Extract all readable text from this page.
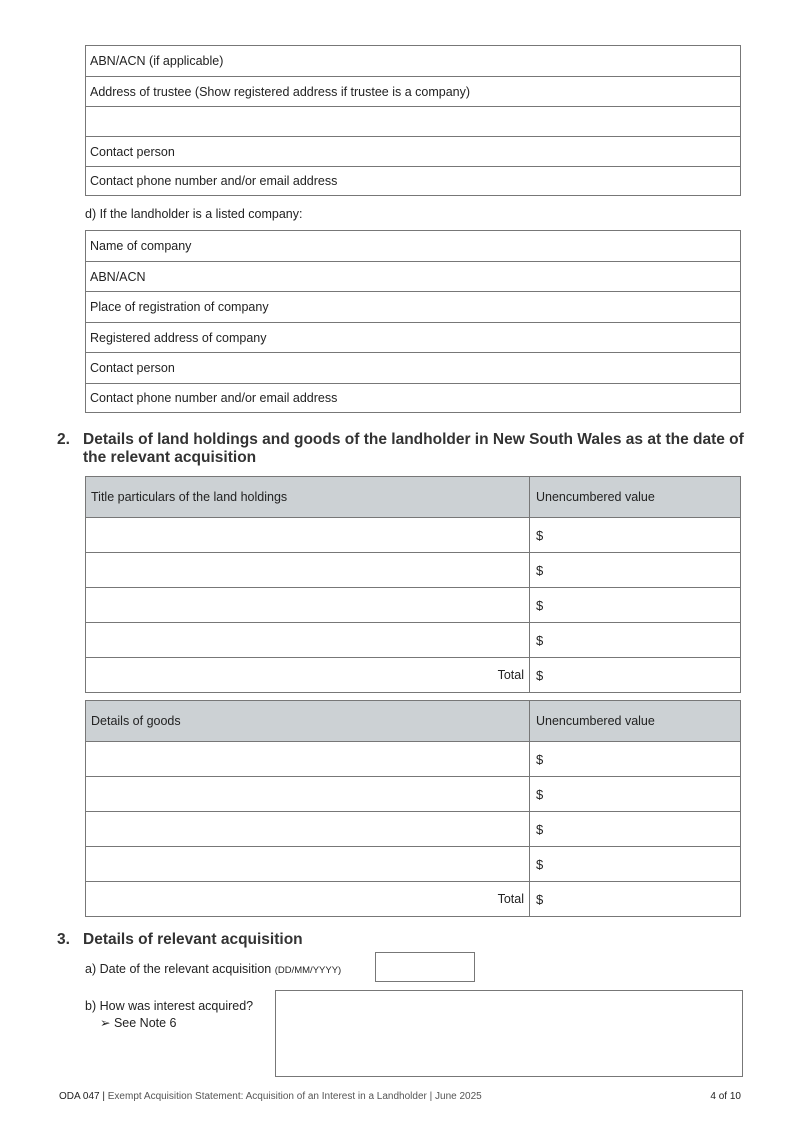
ABN/ACN (if applicable)
Address of trustee (Show registered address if trustee is a company)
Contact person
Contact phone number and/or email address
d) If the landholder is a listed company:
Name of company
ABN/ACN
Place of registration of company
Registered address of company
Contact person
Contact phone number and/or email address
2. Details of land holdings and goods of the landholder in New South Wales as at the date of the relevant acquisition
Title particulars of the land holdings	Unencumbered value
$
$
$
$
Total $
Details of goods	Unencumbered value
$
$
$
$
Total $
3. Details of relevant acquisition
a) Date of the relevant acquisition (DD/MM/YYYY)
b) How was interest acquired?
➢ See Note 6
ODA 047 | Exempt Acquisition Statement: Acquisition of an Interest in a Landholder | June 2025	4 of 10
